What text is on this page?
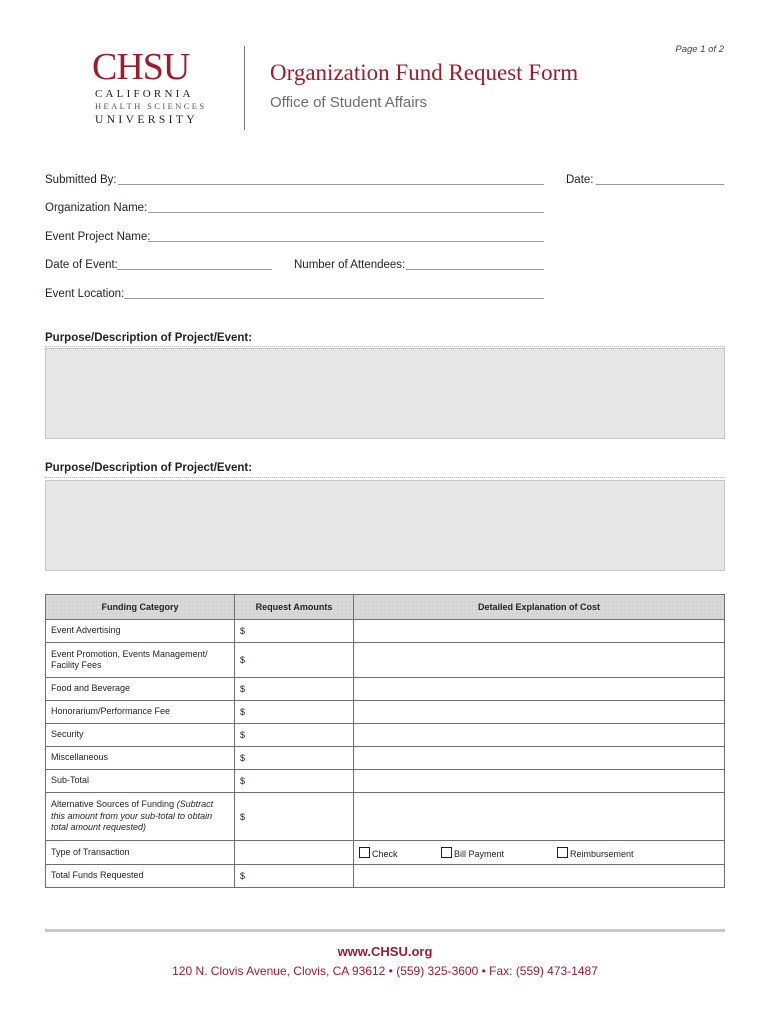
Page 1 of 2
CHSU
CALIFORNIA
HEALTH SCIENCES
UNIVERSITY
Organization Fund Request Form
Office of Student Affairs
Submitted By:	Date:
Organization Name:
Event Project Name:
Date of Event:	Number of Attendees:
Event Location:
Purpose/Description of Project/Event:
Purpose/Description of Project/Event:
Funding Category	Request Amounts	Detailed Explanation of Cost
Event Advertising	$	
Event Promotion, Events Management/ Facility Fees	$	
Food and Beverage	$	
Honorarium/Performance Fee	$	
Security	$	
Miscellaneous	$	
Sub-Total	$	
Alternative Sources of Funding (Subtract this amount from your sub-total to obtain total amount requested)	$	
Type of Transaction		Check Bill Payment Reimbursement
Total Funds Requested	$	
www.CHSU.org
120 N. Clovis Avenue, Clovis, CA 93612 • (559) 325-3600 • Fax: (559) 473-1487
